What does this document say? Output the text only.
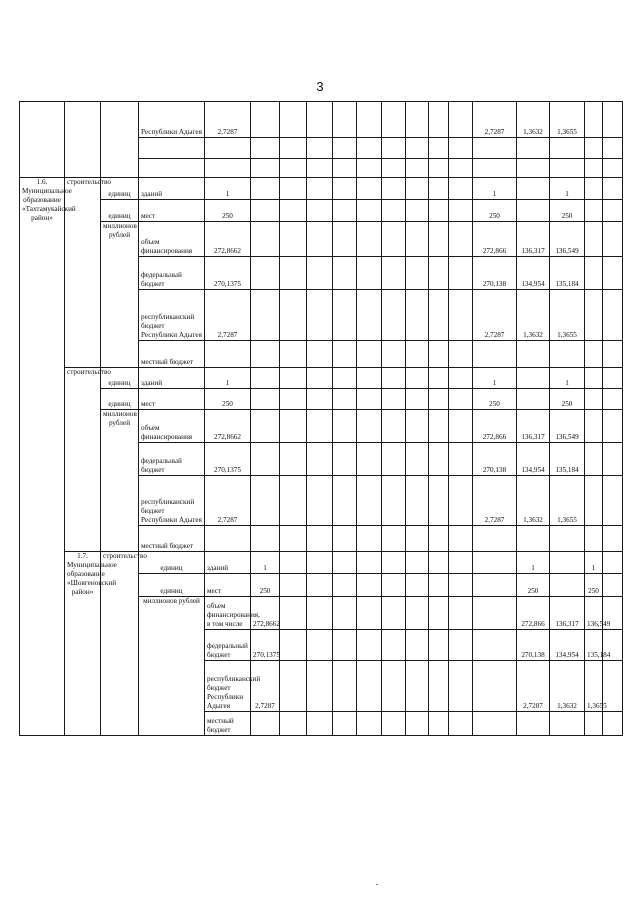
3
			Республики Адыгея	2,7287										2,7287	1,3632	1,3655			

1.6. Муниципальное образование «Тахтамукайский район»	строительство	единиц	зданий	1										1		1			
		единиц	мест	250										250		250			
		миллионов рублей	объем финансирования	272,8662										272,866	136,317	136,549			
			федеральный бюджет	270,1375										270,138	134,954	135,184			
			республиканский бюджет Республики Адыгея	2,7287										2,7287	1,3632	1,3655			
			местный бюджет																
	строительство	единиц	зданий	1										1		1			
		единиц	мест	250										250		250			
		миллионов рублей	объем финансирования	272,8662										272,866	136,317	136,549			
			федеральный бюджет	270,1375										270,138	134,954	135,184			
			республиканский бюджет Республики Адыгея	2,7287										2,7287	1,3632	1,3655			
			местный бюджет																
	1.7. Муниципальное образование «Шовгеновский район»	строительство	единиц	зданий	1										1		1		
			единиц	мест	250										250		250		
			миллионов рублей	объем финансирования, в том числе	272,8662										272,866	136,317	136,549		
				федеральный бюджет	270,1375										270,138	134,954	135,184		
				республиканский бюджет Республики Адыгея	2,7287										2,7287	1,3632	1,3655		
				местный бюджет															
